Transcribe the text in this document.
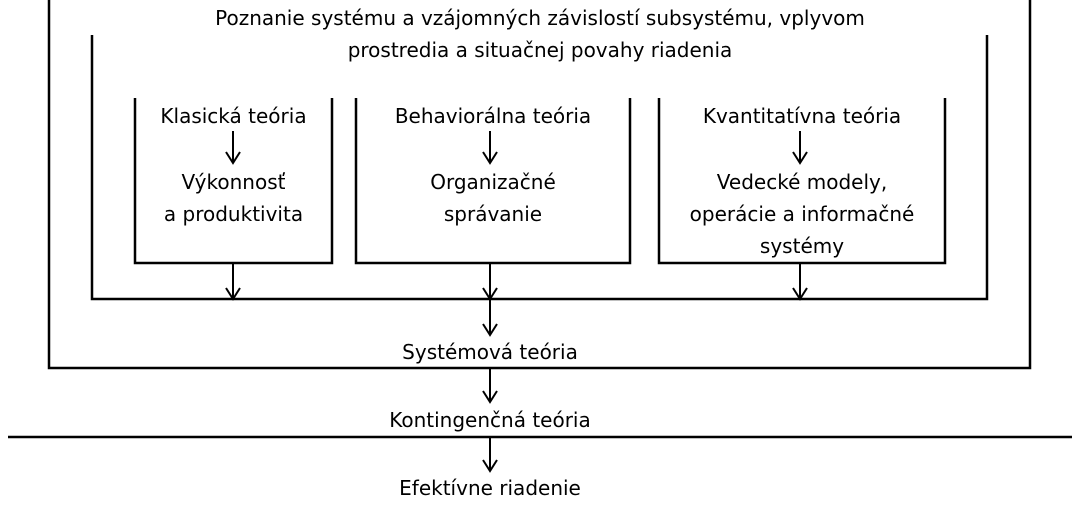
Poznanie systému a vzájomných závislostí subsystému, vplyvom
prostredia a situačnej povahy riadenia
Klasická teória
Výkonnosť
a produktivita
Behaviorálna teória
Organizačné
správanie
Kvantitatívna teória
Vedecké modely,
operácie a informačné
systémy
Systémová teória
Kontingenčná teória
Efektívne riadenie
